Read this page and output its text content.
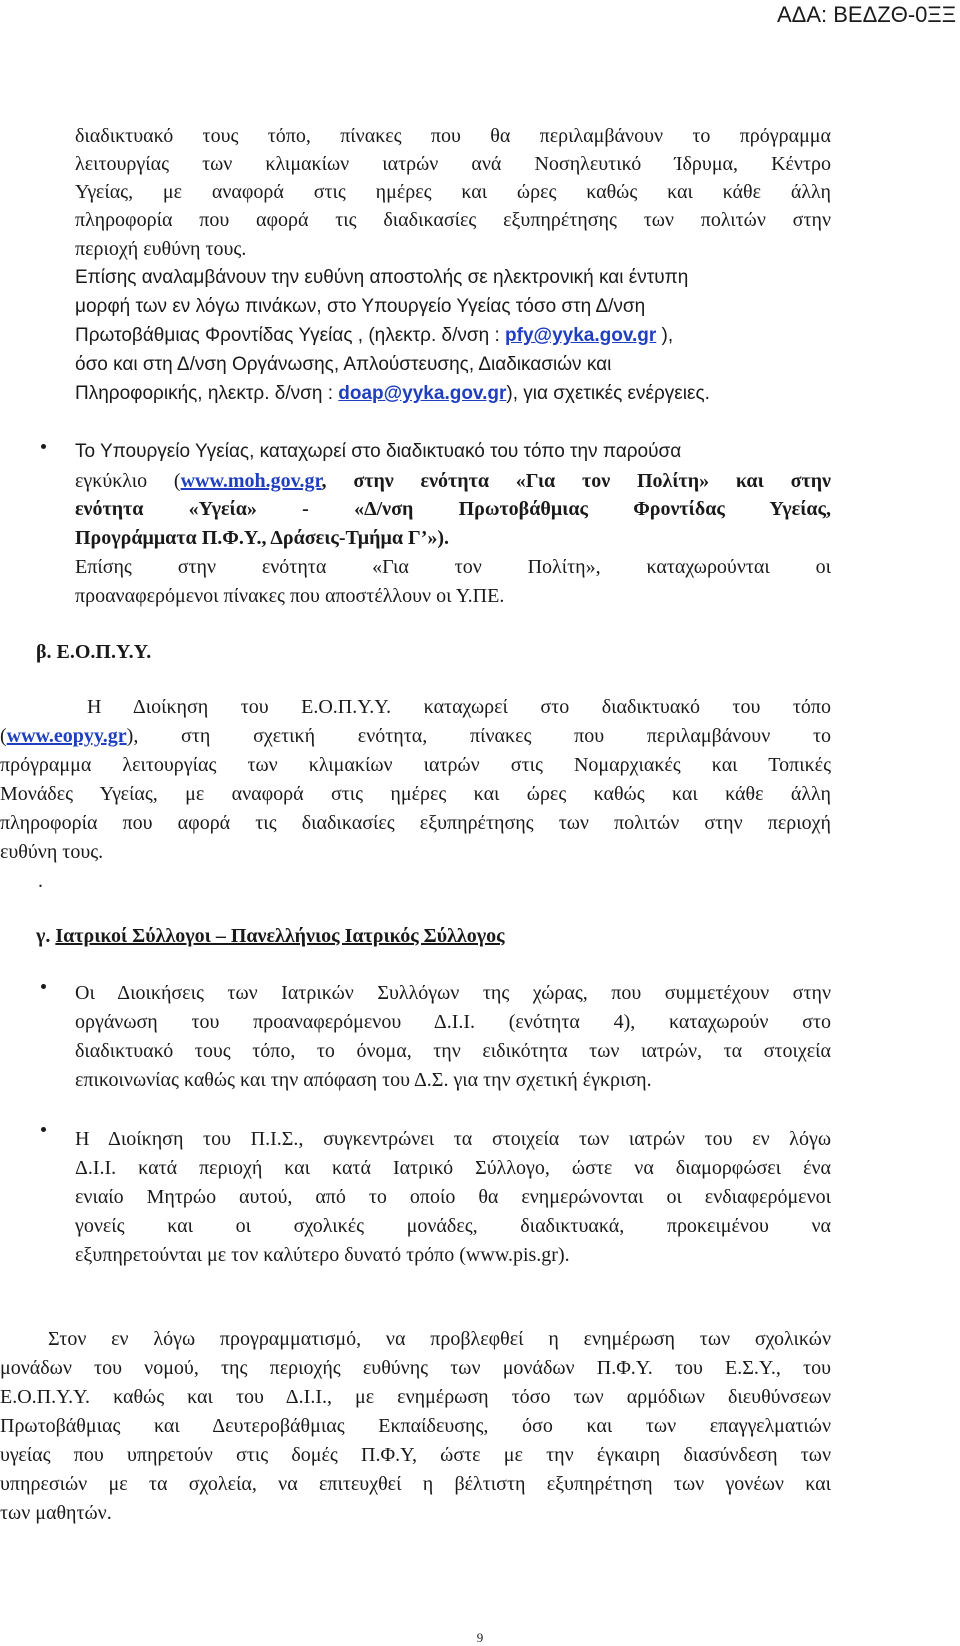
ΑΔΑ: ΒΕΔΖΘ-0ΞΞ
διαδικτυακό τους τόπο, πίνακες που θα περιλαμβάνουν το πρόγραμμα
λειτουργίας των κλιμακίων ιατρών ανά Νοσηλευτικό Ίδρυμα, Κέντρο
Υγείας, με αναφορά στις ημέρες και ώρες καθώς και κάθε άλλη
πληροφορία που αφορά τις διαδικασίες εξυπηρέτησης των πολιτών στην
περιοχή ευθύνη τους.
Επίσης αναλαμβάνουν την ευθύνη αποστολής σε ηλεκτρονική και έντυπη
μορφή των εν λόγω πινάκων, στο Υπουργείο Υγείας τόσο στη Δ/νση
Πρωτοβάθμιας Φροντίδας Υγείας , (ηλεκτρ. δ/νση : pfy@yyka.gov.gr ),
όσο και στη Δ/νση Οργάνωσης, Απλούστευσης, Διαδικασιών και
Πληροφορικής, ηλεκτρ. δ/νση : doap@yyka.gov.gr), για σχετικές ενέργειες.
Το Υπουργείο Υγείας, καταχωρεί στο διαδικτυακό του τόπο την παρούσα
εγκύκλιο (www.moh.gov.gr, στην ενότητα «Για τον Πολίτη» και στην
ενότητα «Υγεία» - «Δ/νση Πρωτοβάθμιας Φροντίδας Υγείας,
Προγράμματα Π.Φ.Υ., Δράσεις-Τμήμα Γ’»).
Επίσης στην ενότητα «Για τον Πολίτη», καταχωρούνται οι
προαναφερόμενοι πίνακες που αποστέλλουν οι Υ.ΠΕ.
β. Ε.Ο.Π.Υ.Υ.
Η Διοίκηση του Ε.Ο.Π.Υ.Υ. καταχωρεί στο διαδικτυακό του τόπο
(www.eopyy.gr), στη σχετική ενότητα, πίνακες που περιλαμβάνουν το
πρόγραμμα λειτουργίας των κλιμακίων ιατρών στις Νομαρχιακές και Τοπικές
Μονάδες Υγείας, με αναφορά στις ημέρες και ώρες καθώς και κάθε άλλη
πληροφορία που αφορά τις διαδικασίες εξυπηρέτησης των πολιτών στην περιοχή
ευθύνη τους.
.
γ. Ιατρικοί Σύλλογοι – Πανελλήνιος Ιατρικός Σύλλογος
Οι Διοικήσεις των Ιατρικών Συλλόγων της χώρας, που συμμετέχουν στην
οργάνωση του προαναφερόμενου Δ.Ι.Ι. (ενότητα 4), καταχωρούν στο
διαδικτυακό τους τόπο, το όνομα, την ειδικότητα των ιατρών, τα στοιχεία
επικοινωνίας καθώς και την απόφαση του Δ.Σ. για την σχετική έγκριση.
Η Διοίκηση του Π.Ι.Σ., συγκεντρώνει τα στοιχεία των ιατρών του εν λόγω
Δ.Ι.Ι. κατά περιοχή και κατά Ιατρικό Σύλλογο, ώστε να διαμορφώσει ένα
ενιαίο Μητρώο αυτού, από το οποίο θα ενημερώνονται οι ενδιαφερόμενοι
γονείς και οι σχολικές μονάδες, διαδικτυακά, προκειμένου να
εξυπηρετούνται με τον καλύτερο δυνατό τρόπο (www.pis.gr).
Στον εν λόγω προγραμματισμό, να προβλεφθεί η ενημέρωση των σχολικών
μονάδων του νομού, της περιοχής ευθύνης των μονάδων Π.Φ.Υ. του Ε.Σ.Υ., του
Ε.Ο.Π.Υ.Υ. καθώς και του Δ.Ι.Ι., με ενημέρωση τόσο των αρμόδιων διευθύνσεων
Πρωτοβάθμιας και Δευτεροβάθμιας Εκπαίδευσης, όσο και των επαγγελματιών
υγείας που υπηρετούν στις δομές Π.Φ.Υ, ώστε με την έγκαιρη διασύνδεση των
υπηρεσιών με τα σχολεία, να επιτευχθεί η βέλτιστη εξυπηρέτηση των γονέων και
των μαθητών.
9
